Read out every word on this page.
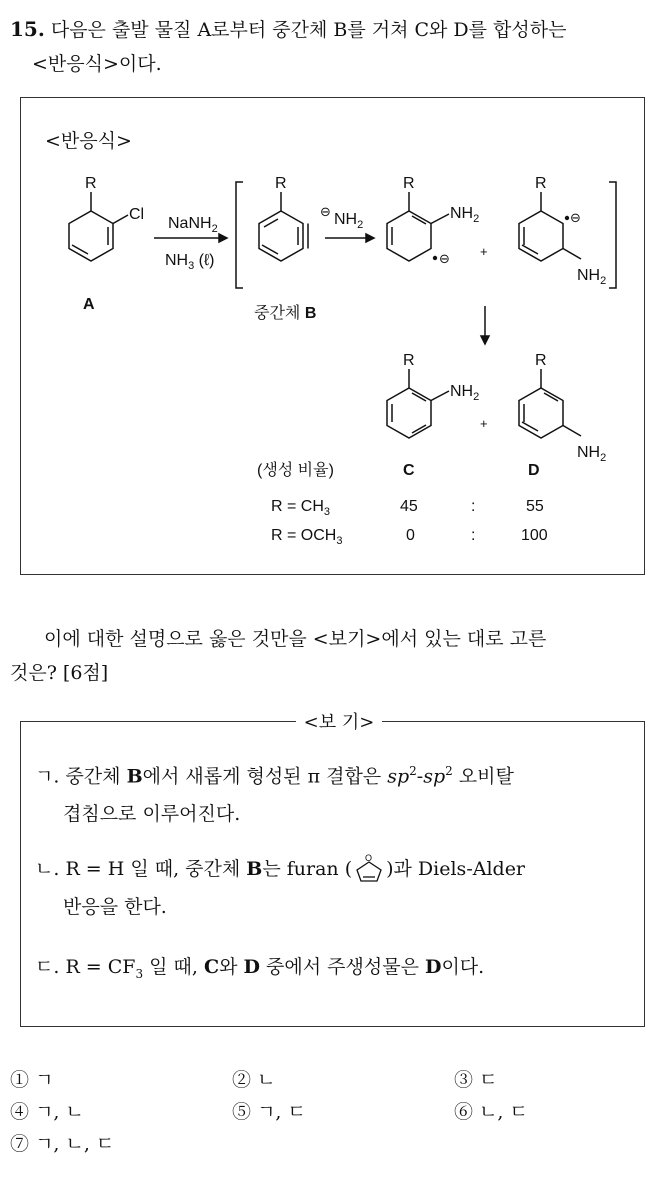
15. 다음은 출발 물질 A로부터 중간체 B를 거쳐 C와 D를 합성하는
<반응식>이다.
<반응식>
R
Cl
A
NaNH$_2$
$NH_3$ (ℓ)
R
중간체 B
⊖ $NH_2$
R
$NH_2$
⊖ +
R
⊖
$NH_2$
R
$NH_2$
+
R
$NH_2$
(생성 비율)	C	D
$R = CH_3$	45	:	55
$R = OCH_3$	0	:	100
이에 대한 설명으로 옳은 것만을 <보기>에서 있는 대로 고른
것은? [6점]
<보 기>
ㄱ. 중간체 B에서 새롭게 형성된 π 결합은 $sp^2-sp^2$ 오비탈
겹침으로 이루어진다.
ㄴ. R = H 일 때, 중간체 B는 furan ( O )과 Diels-Alder
반응을 한다.
ㄷ. $R = CF_3$ 일 때, C와 D 중에서 주생성물은 D이다.
① ㄱ	② ㄴ	③ ㄷ
④ ㄱ, ㄴ	⑤ ㄱ, ㄷ	⑥ ㄴ, ㄷ
⑦ ㄱ, ㄴ, ㄷ
